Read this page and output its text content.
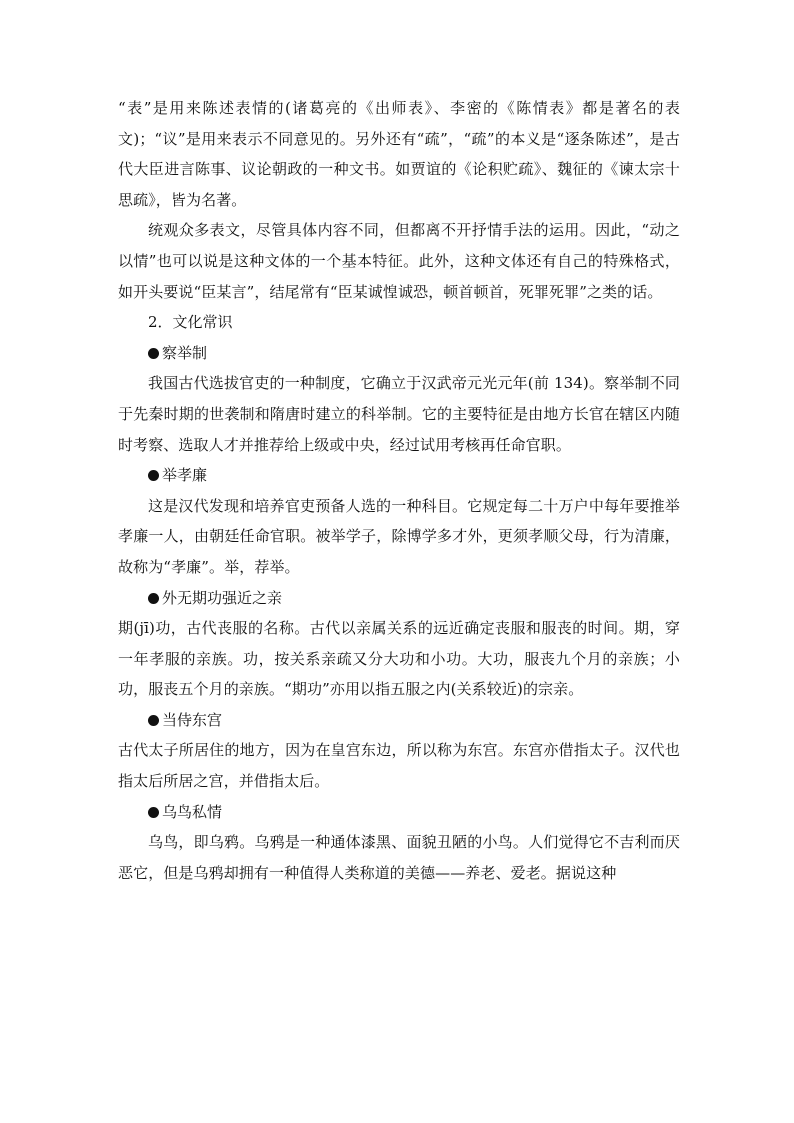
“表”是用来陈述表情的(诸葛亮的《出师表》、李密的《陈情表》都是著名的表文)；“议”是用来表示不同意见的。另外还有“疏”，“疏”的本义是“逐条陈述”，是古代大臣进言陈事、议论朝政的一种文书。如贾谊的《论积贮疏》、魏征的《谏太宗十思疏》，皆为名著。

统观众多表文，尽管具体内容不同，但都离不开抒情手法的运用。因此，“动之以情”也可以说是这种文体的一个基本特征。此外，这种文体还有自己的特殊格式，如开头要说“臣某言”，结尾常有“臣某诚惶诚恐，顿首顿首，死罪死罪”之类的话。

2．文化常识
察举制

我国古代选拔官吏的一种制度，它确立于汉武帝元光元年(前 134)。察举制不同于先秦时期的世袭制和隋唐时建立的科举制。它的主要特征是由地方长官在辖区内随时考察、选取人才并推荐给上级或中央，经过试用考核再任命官职。

举孝廉

这是汉代发现和培养官吏预备人选的一种科目。它规定每二十万户中每年要推举孝廉一人，由朝廷任命官职。被举学子，除博学多才外，更须孝顺父母，行为清廉，故称为“孝廉”。举，荐举。

外无期功强近之亲

期(jī)功，古代丧服的名称。古代以亲属关系的远近确定丧服和服丧的时间。期，穿一年孝服的亲族。功，按关系亲疏又分大功和小功。大功，服丧九个月的亲族；小功，服丧五个月的亲族。“期功”亦用以指五服之内(关系较近)的宗亲。

当侍东宫

古代太子所居住的地方，因为在皇宫东边，所以称为东宫。东宫亦借指太子。汉代也指太后所居之宫，并借指太后。

乌鸟私情

乌鸟，即乌鸦。乌鸦是一种通体漆黑、面貌丑陋的小鸟。人们觉得它不吉利而厌恶它，但是乌鸦却拥有一种值得人类称道的美德——养老、爱老。据说这种
